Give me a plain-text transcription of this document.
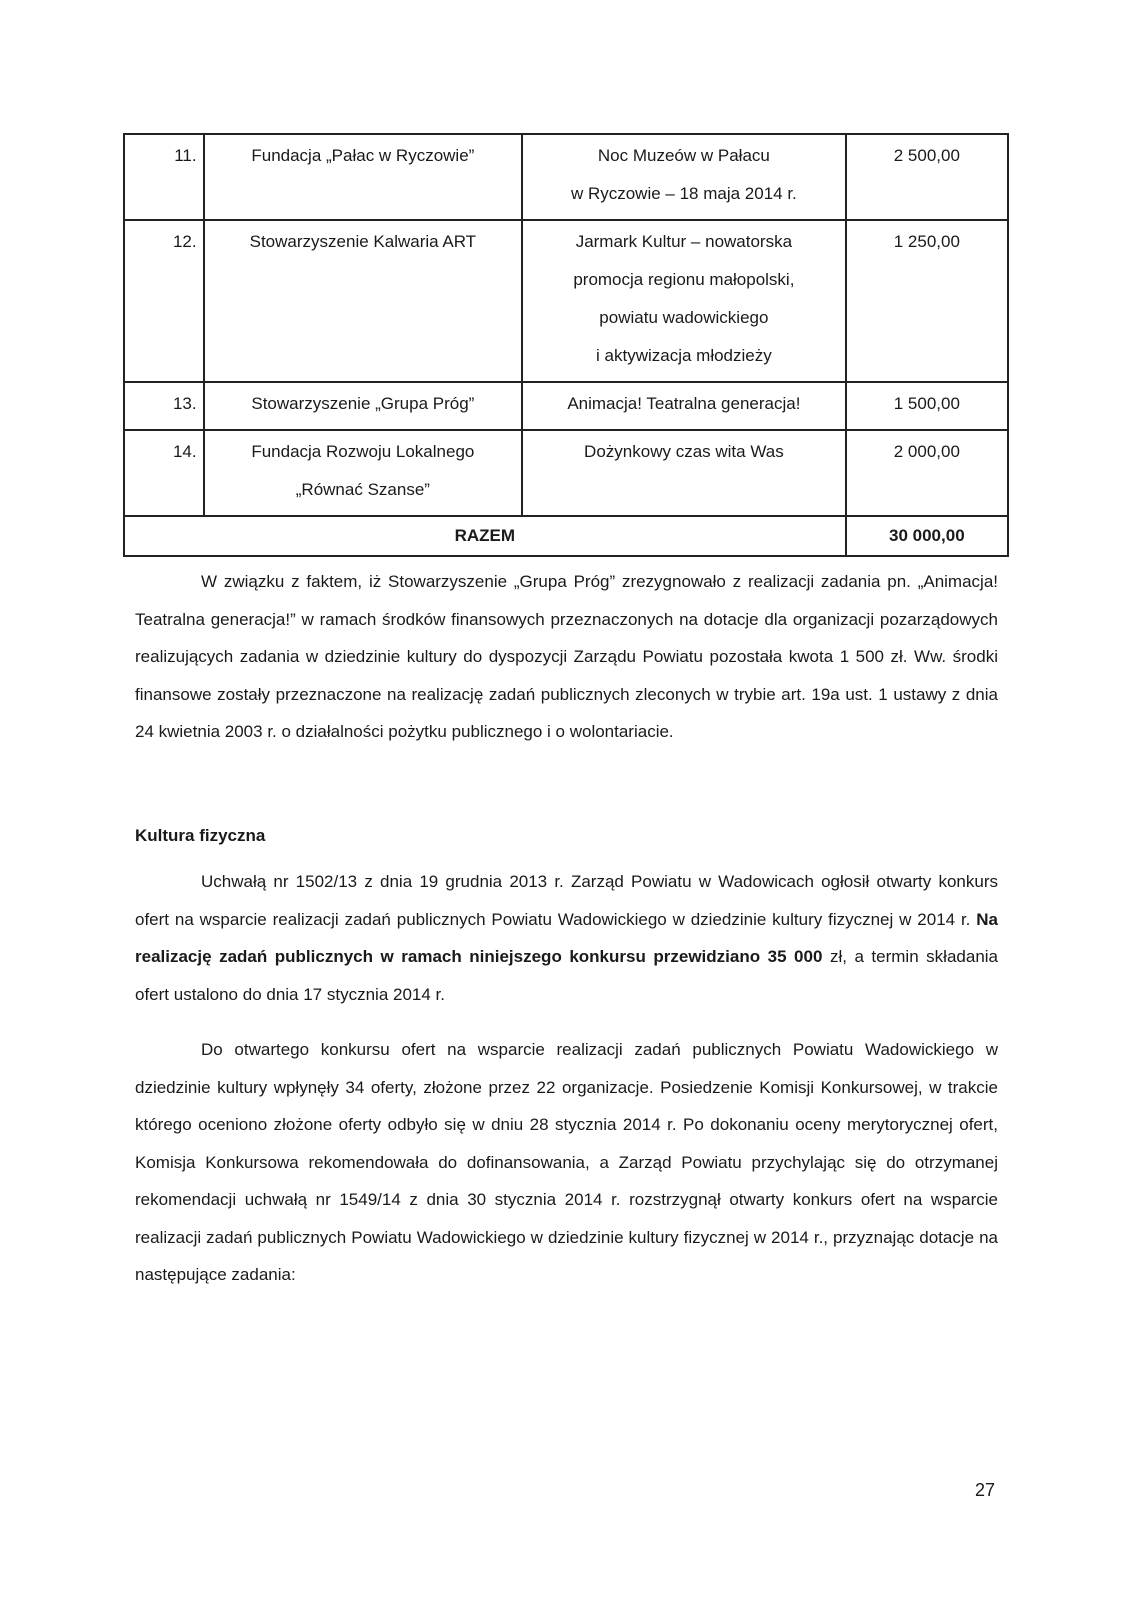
11.	Fundacja „Pałac w Ryczowie”	Noc Muzeów w Pałacu
w Ryczowie – 18 maja 2014 r.	2 500,00
12.	Stowarzyszenie Kalwaria ART	Jarmark Kultur – nowatorska
promocja regionu małopolski,
powiatu wadowickiego
i aktywizacja młodzieży	1 250,00
13.	Stowarzyszenie „Grupa Próg”	Animacja! Teatralna generacja!	1 500,00
14.	Fundacja Rozwoju Lokalnego
„Równać Szanse”	Dożynkowy czas wita Was	2 000,00
RAZEM			30 000,00

W związku z faktem, iż Stowarzyszenie „Grupa Próg” zrezygnowało z realizacji zadania pn. „Animacja! Teatralna generacja!” w ramach środków finansowych przeznaczonych na dotacje dla organizacji pozarządowych realizujących zadania w dziedzinie kultury do dyspozycji Zarządu Powiatu pozostała kwota 1 500 zł. Ww. środki finansowe zostały przeznaczone na realizację zadań publicznych zleconych w trybie art. 19a ust. 1 ustawy z dnia 24 kwietnia 2003 r. o działalności pożytku publicznego i o wolontariacie.

Kultura fizyczna

Uchwałą nr 1502/13 z dnia 19 grudnia 2013 r. Zarząd Powiatu w Wadowicach ogłosił otwarty konkurs ofert na wsparcie realizacji zadań publicznych Powiatu Wadowickiego w dziedzinie kultury fizycznej w 2014 r. Na realizację zadań publicznych w ramach niniejszego konkursu przewidziano 35 000 zł, a termin składania ofert ustalono do dnia 17 stycznia 2014 r.

Do otwartego konkursu ofert na wsparcie realizacji zadań publicznych Powiatu Wadowickiego w dziedzinie kultury wpłynęły 34 oferty, złożone przez 22 organizacje. Posiedzenie Komisji Konkursowej, w trakcie którego oceniono złożone oferty odbyło się w dniu 28 stycznia 2014 r. Po dokonaniu oceny merytorycznej ofert, Komisja Konkursowa rekomendowała do dofinansowania, a Zarząd Powiatu przychylając się do otrzymanej rekomendacji uchwałą nr 1549/14 z dnia 30 stycznia 2014 r. rozstrzygnął otwarty konkurs ofert na wsparcie realizacji zadań publicznych Powiatu Wadowickiego w dziedzinie kultury fizycznej w 2014 r., przyznając dotacje na następujące zadania:

27
